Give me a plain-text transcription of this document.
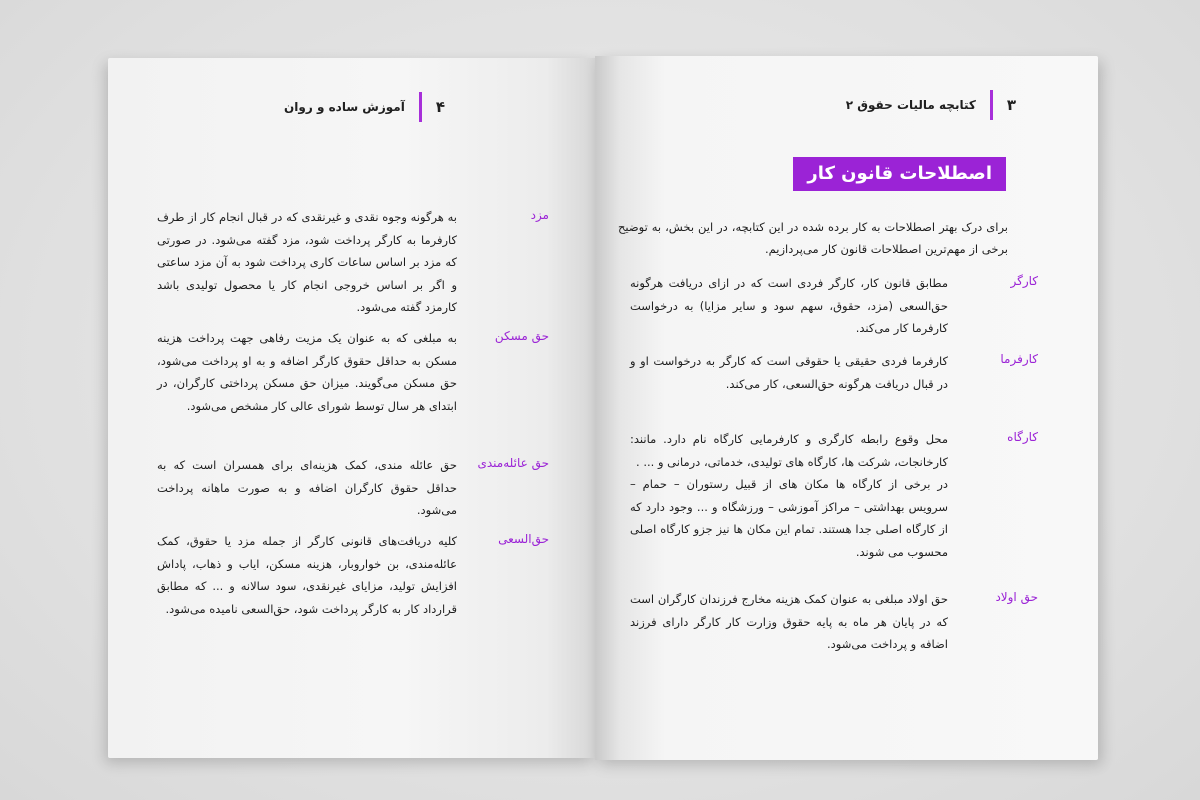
۴
آموزش ساده و روان
مزد
به هرگونه وجوه نقدی و غیرنقدی که در قبال انجام کار از طرف کارفرما به کارگر پرداخت شود، مزد گفته می‌شود. در صورتی که مزد بر اساس ساعات کاری پرداخت شود به آن مزد ساعتی و اگر بر اساس خروجی انجام کار یا محصول تولیدی باشد کارمزد گفته می‌شود.
حق مسکن
به مبلغی که به عنوان یک مزیت رفاهی جهت پرداخت هزینه مسکن به حداقل حقوق کارگر اضافه و به او پرداخت می‌شود، حق مسکن می‌گویند. میزان حق مسکن پرداختی کارگران، در ابتدای هر سال توسط شورای عالی کار مشخص می‌شود.
حق عائله‌مندی
حق عائله مندی، کمک هزینه‌ای برای همسران است که به حداقل حقوق کارگران اضافه و به صورت ماهانه پرداخت می‌شود.
حق‌السعی
کلیه دریافت‌های قانونی کارگر از جمله مزد یا حقوق، کمک عائله‌مندی، بن خواروبار، هزینه مسکن، ایاب و ذهاب، پاداش افزایش تولید، مزایای غیرنقدی، سود سالانه و ... که مطابق قرارداد کار به کارگر پرداخت شود، حق‌السعی نامیده می‌شود.
۳
کتابچه مالیات حقوق ۲
اصطلاحات قانون کار
برای درک بهتر اصطلاحات به کار برده شده در این کتابچه، در این بخش، به توضیح برخی از مهم‌ترین اصطلاحات قانون کار می‌پردازیم.
کارگر
مطابق قانون کار، کارگر فردی است که در ازای دریافت هرگونه حق‌السعی (مزد، حقوق، سهم سود و سایر مزایا) به درخواست کارفرما کار می‌کند.
کارفرما
کارفرما فردی حقیقی یا حقوقی است که کارگر به درخواست او و در قبال دریافت هرگونه حق‌السعی، کار می‌کند.
کارگاه
محل وقوع رابطه کارگری و کارفرمایی کارگاه نام دارد. مانند: کارخانجات، شرکت ها، کارگاه های تولیدی، خدماتی، درمانی و ... .
در برخی از کارگاه ها مکان های از قبیل رستوران – حمام – سرویس بهداشتی – مراکز آموزشی – ورزشگاه و ... وجود دارد که از کارگاه اصلی جدا هستند. تمام این مکان ها نیز جزو کارگاه اصلی محسوب می شوند.
حق اولاد
حق اولاد مبلغی به عنوان کمک هزینه مخارج فرزندان کارگران است که در پایان هر ماه به پایه حقوق وزارت کار کارگر دارای فرزند اضافه و پرداخت می‌شود.
